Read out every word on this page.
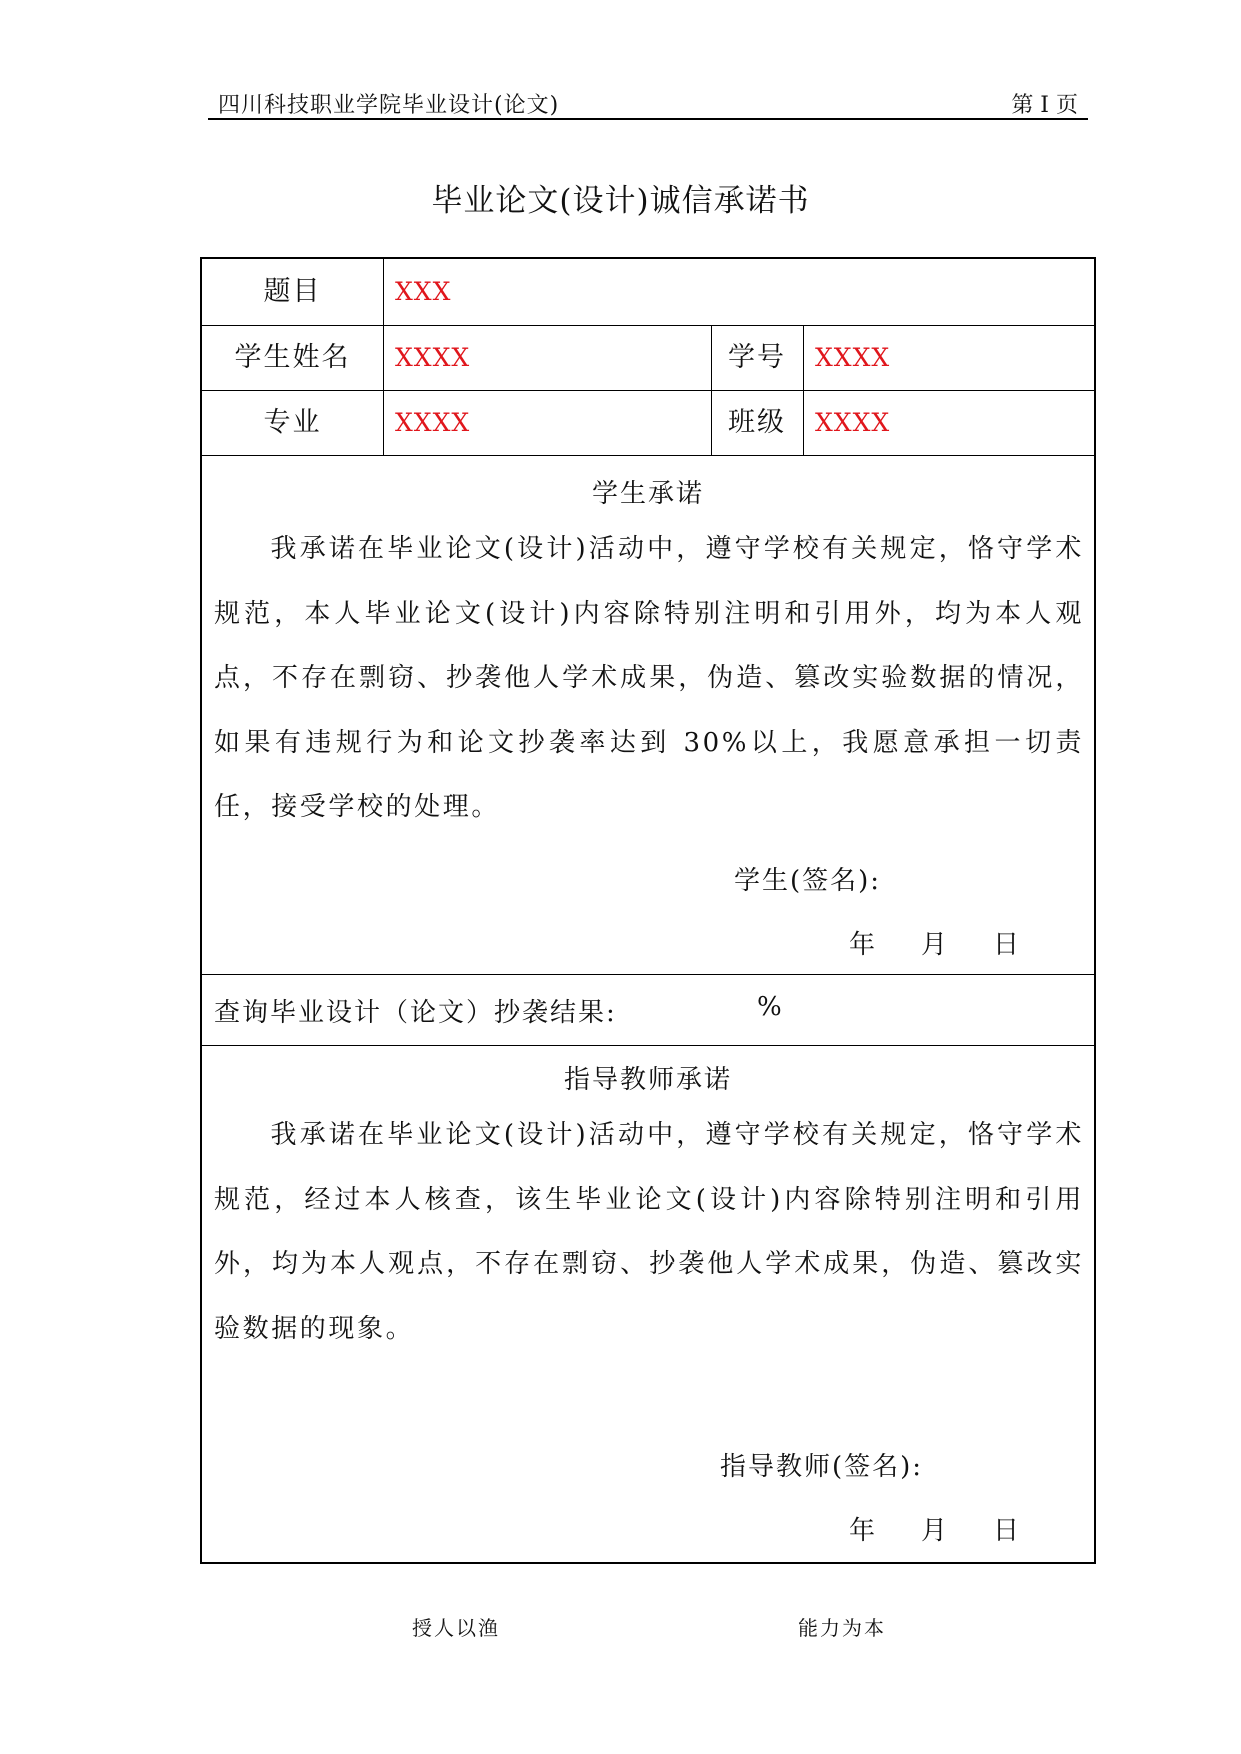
四川科技职业学院毕业设计(论文)	第 I 页
毕业论文(设计)诚信承诺书
题目	XXX
学生姓名	XXXX	学号	XXXX
专业	XXXX	班级	XXXX
学生承诺
我承诺在毕业论文(设计)活动中，遵守学校有关规定，恪守学术规范，本人毕业论文(设计)内容除特别注明和引用外，均为本人观点，不存在剽窃、抄袭他人学术成果，伪造、篡改实验数据的情况，如果有违规行为和论文抄袭率达到 30%以上，我愿意承担一切责任，接受学校的处理。
学生(签名):
年 月 日
查询毕业设计（论文）抄袭结果:	%
指导教师承诺
我承诺在毕业论文(设计)活动中，遵守学校有关规定，恪守学术规范，经过本人核查，该生毕业论文(设计)内容除特别注明和引用外，均为本人观点，不存在剽窃、抄袭他人学术成果，伪造、篡改实验数据的现象。
指导教师(签名):
年 月 日
授人以渔	能力为本
